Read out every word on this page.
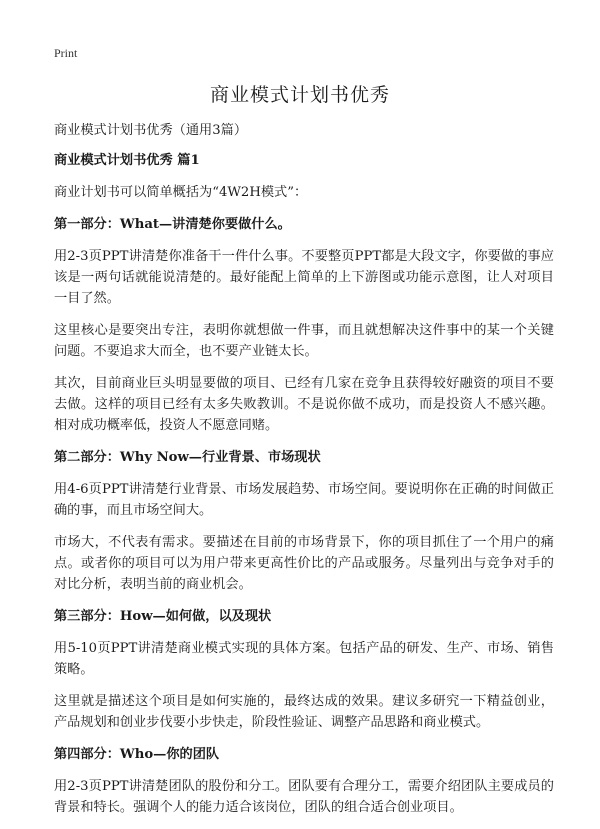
Print
商业模式计划书优秀

商业模式计划书优秀（通用3篇）

商业模式计划书优秀 篇1

商业计划书可以简单概括为“4W2H模式”：

第一部分：What—讲清楚你要做什么。

用2-3页PPT讲清楚你准备干一件什么事。不要整页PPT都是大段文字，你要做的事应该是一两句话就能说清楚的。最好能配上简单的上下游图或功能示意图，让人对项目一目了然。

这里核心是要突出专注，表明你就想做一件事，而且就想解决这件事中的某一个关键问题。不要追求大而全，也不要产业链太长。

其次，目前商业巨头明显要做的项目、已经有几家在竞争且获得较好融资的项目不要去做。这样的项目已经有太多失败教训。不是说你做不成功，而是投资人不感兴趣。相对成功概率低，投资人不愿意同赌。

第二部分：Why Now—行业背景、市场现状

用4-6页PPT讲清楚行业背景、市场发展趋势、市场空间。要说明你在正确的时间做正确的事，而且市场空间大。

市场大，不代表有需求。要描述在目前的市场背景下，你的项目抓住了一个用户的痛点。或者你的项目可以为用户带来更高性价比的产品或服务。尽量列出与竞争对手的对比分析，表明当前的商业机会。

第三部分：How—如何做，以及现状

用5-10页PPT讲清楚商业模式实现的具体方案。包括产品的研发、生产、市场、销售策略。

这里就是描述这个项目是如何实施的，最终达成的效果。建议多研究一下精益创业，产品规划和创业步伐要小步快走，阶段性验证、调整产品思路和商业模式。

第四部分：Who—你的团队

用2-3页PPT讲清楚团队的股份和分工。团队要有合理分工，需要介绍团队主要成员的背景和特长。强调个人的能力适合该岗位，团队的组合适合创业项目。
